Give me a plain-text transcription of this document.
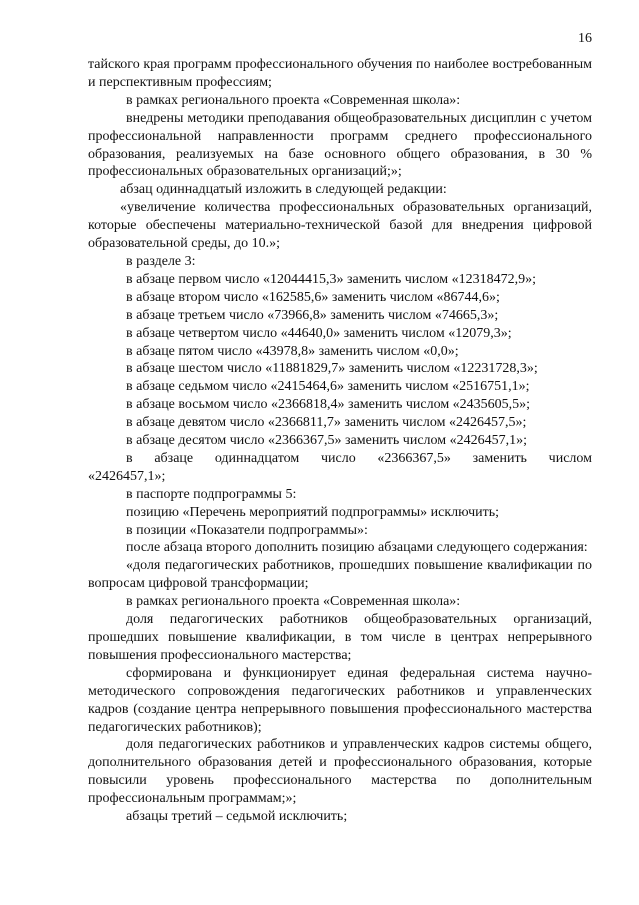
16

тайского края программ профессионального обучения по наиболее востребованным и перспективным профессиям;

в рамках регионального проекта «Современная школа»:

внедрены методики преподавания общеобразовательных дисциплин с учетом профессиональной направленности программ среднего профессионального образования, реализуемых на базе основного общего образования, в 30 % профессиональных образовательных организаций;»;

абзац одиннадцатый изложить в следующей редакции:

«увеличение количества профессиональных образовательных организаций, которые обеспечены материально-технической базой для внедрения цифровой образовательной среды, до 10.»;

в разделе 3:

в абзаце первом число «12044415,3» заменить числом «12318472,9»;

в абзаце втором число «162585,6» заменить числом «86744,6»;

в абзаце третьем число «73966,8» заменить числом «74665,3»;

в абзаце четвертом число «44640,0» заменить числом «12079,3»;

в абзаце пятом число «43978,8» заменить числом «0,0»;

в абзаце шестом число «11881829,7» заменить числом «12231728,3»;

в абзаце седьмом число «2415464,6» заменить числом «2516751,1»;

в абзаце восьмом число «2366818,4» заменить числом «2435605,5»;

в абзаце девятом число «2366811,7» заменить числом «2426457,5»;

в абзаце десятом число «2366367,5» заменить числом «2426457,1»;

в абзаце одиннадцатом число «2366367,5» заменить числом

«2426457,1»;

в паспорте подпрограммы 5:

позицию «Перечень мероприятий подпрограммы» исключить;

в позиции «Показатели подпрограммы»:

после абзаца второго дополнить позицию абзацами следующего содержания:

«доля педагогических работников, прошедших повышение квалификации по вопросам цифровой трансформации;

в рамках регионального проекта «Современная школа»:

доля педагогических работников общеобразовательных организаций, прошедших повышение квалификации, в том числе в центрах непрерывного повышения профессионального мастерства;

сформирована и функционирует единая федеральная система научно-методического сопровождения педагогических работников и управленческих кадров (создание центра непрерывного повышения профессионального мастерства педагогических работников);

доля педагогических работников и управленческих кадров системы общего, дополнительного образования детей и профессионального образования, которые повысили уровень профессионального мастерства по дополнительным профессиональным программам;»;

абзацы третий – седьмой исключить;
